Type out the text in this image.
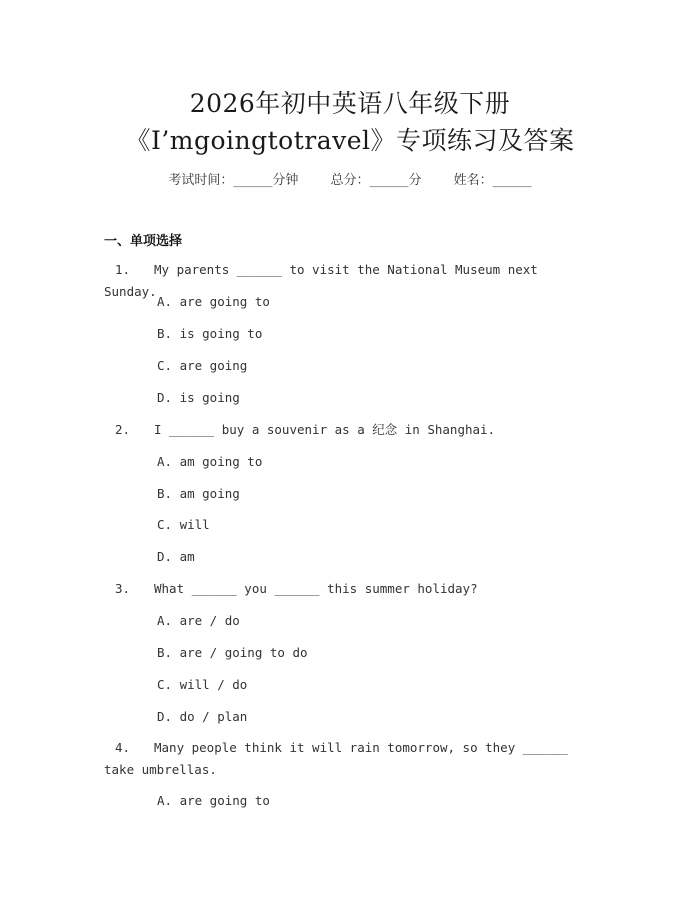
2026年初中英语八年级下册
《I’mgoingtotravel》专项练习及答案
考试时间：______分钟 总分：______分 姓名：______
一、单项选择
1. My parents ______ to visit the National Museum next Sunday.
A. are going to
B. is going to
C. are going
D. is going
2. I ______ buy a souvenir as a 纪念 in Shanghai.
A. am going to
B. am going
C. will
D. am
3. What ______ you ______ this summer holiday?
A. are / do
B. are / going to do
C. will / do
D. do / plan
4. Many people think it will rain tomorrow, so they ______ take umbrellas.
A. are going to
